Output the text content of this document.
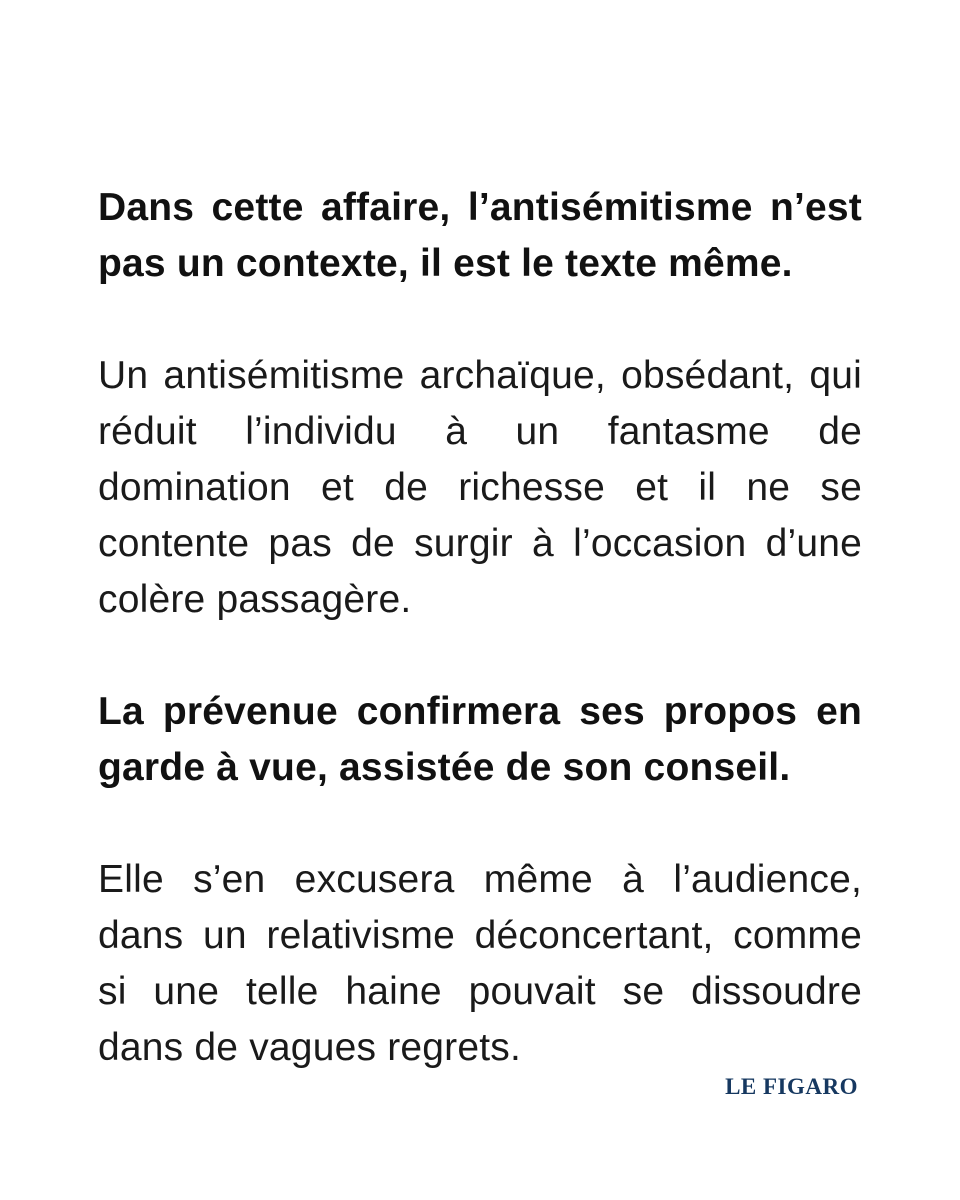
Dans cette affaire, l’antisémitisme n’est pas un contexte, il est le texte même.

Un antisémitisme archaïque, obsédant, qui réduit l’individu à un fantasme de domination et de richesse et il ne se contente pas de surgir à l’occasion d’une colère passagère.

La prévenue confirmera ses propos en garde à vue, assistée de son conseil.

Elle s’en excusera même à l’audience, dans un relativisme déconcertant, comme si une telle haine pouvait se dissoudre dans de vagues regrets.

LE FIGARO
